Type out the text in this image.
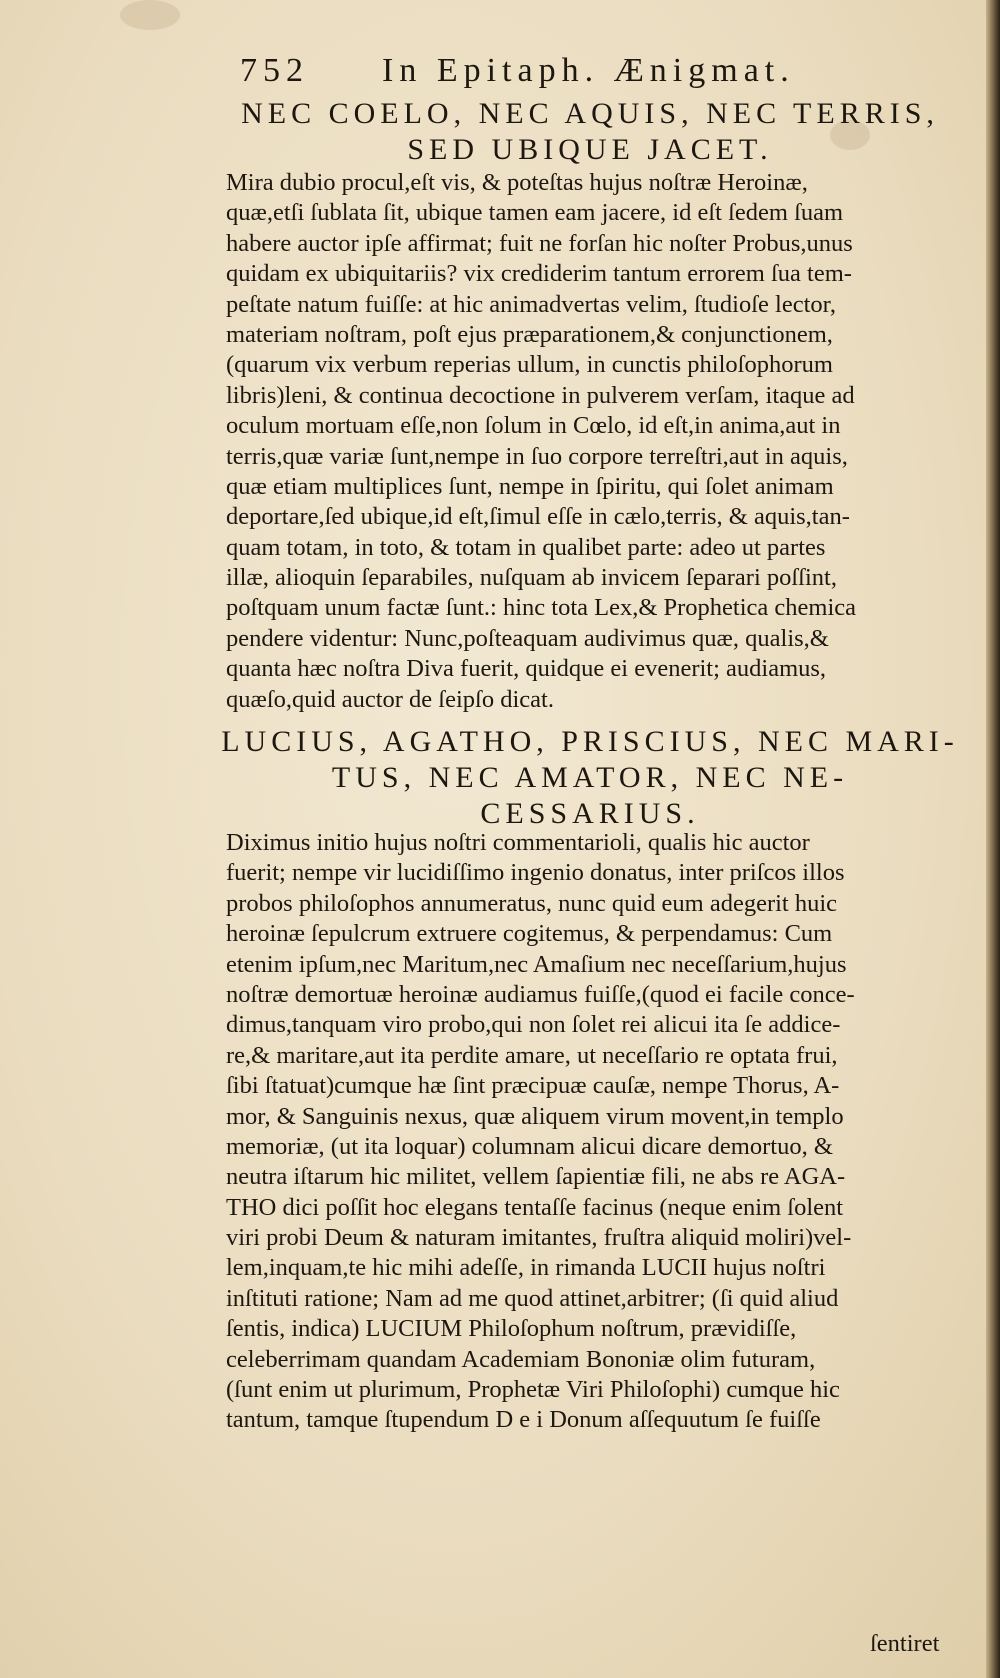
752 In Epitaph. Ænigmat.
NEC COELO, NEC AQUIS, NEC TERRIS,
SED UBIQUE JACET.
Mira dubio procul,eſt vis, & poteſtas hujus noſtræ Heroinæ,
quæ,etſi ſublata ſit, ubique tamen eam jacere, id eſt ſedem ſuam
habere auctor ipſe affirmat; fuit ne forſan hic noſter Probus,unus
quidam ex ubiquitariis? vix crediderim tantum errorem ſua tem-
peſtate natum fuiſſe: at hic animadvertas velim, ſtudioſe lector,
materiam noſtram, poſt ejus præparationem,& conjunctionem,
(quarum vix verbum reperias ullum, in cunctis philoſophorum
libris)leni, & continua decoctione in pulverem verſam, itaque ad
oculum mortuam eſſe,non ſolum in Cœlo, id eſt,in anima,aut in
terris,quæ variæ ſunt,nempe in ſuo corpore terreſtri,aut in aquis,
quæ etiam multiplices ſunt, nempe in ſpiritu, qui ſolet animam
deportare,ſed ubique,id eſt,ſimul eſſe in cælo,terris, & aquis,tan-
quam totam, in toto, & totam in qualibet parte: adeo ut partes
illæ, alioquin ſeparabiles, nuſquam ab invicem ſeparari poſſint,
poſtquam unum factæ ſunt.: hinc tota Lex,& Prophetica chemica
pendere videntur: Nunc,poſteaquam audivimus quæ, qualis,&
quanta hæc noſtra Diva fuerit, quidque ei evenerit; audiamus,
quæſo,quid auctor de ſeipſo dicat.
LUCIUS, AGATHO, PRISCIUS, NEC MARI-
TUS, NEC AMATOR, NEC NE-
CESSARIUS.
Diximus initio hujus noſtri commentarioli, qualis hic auctor
fuerit; nempe vir lucidiſſimo ingenio donatus, inter priſcos illos
probos philoſophos annumeratus, nunc quid eum adegerit huic
heroinæ ſepulcrum extruere cogitemus, & perpendamus: Cum
etenim ipſum,nec Maritum,nec Amaſium nec neceſſarium,hujus
noſtræ demortuæ heroinæ audiamus fuiſſe,(quod ei facile conce-
dimus,tanquam viro probo,qui non ſolet rei alicui ita ſe addice-
re,& maritare,aut ita perdite amare, ut neceſſario re optata frui,
ſibi ſtatuat)cumque hæ ſint præcipuæ cauſæ, nempe Thorus, A-
mor, & Sanguinis nexus, quæ aliquem virum movent,in templo
memoriæ, (ut ita loquar) columnam alicui dicare demortuo, &
neutra iſtarum hic militet, vellem ſapientiæ fili, ne abs re AGA-
THO dici poſſit hoc elegans tentaſſe facinus (neque enim ſolent
viri probi Deum & naturam imitantes, fruſtra aliquid moliri)vel-
lem,inquam,te hic mihi adeſſe, in rimanda LUCII hujus noſtri
inſtituti ratione; Nam ad me quod attinet,arbitrer; (ſi quid aliud
ſentis, indica) LUCIUM Philoſophum noſtrum, prævidiſſe,
celeberrimam quandam Academiam Bononiæ olim futuram,
(ſunt enim ut plurimum, Prophetæ Viri Philoſophi) cumque hic
tantum, tamque ſtupendum D e i Donum aſſequutum ſe fuiſſe
ſentiret
